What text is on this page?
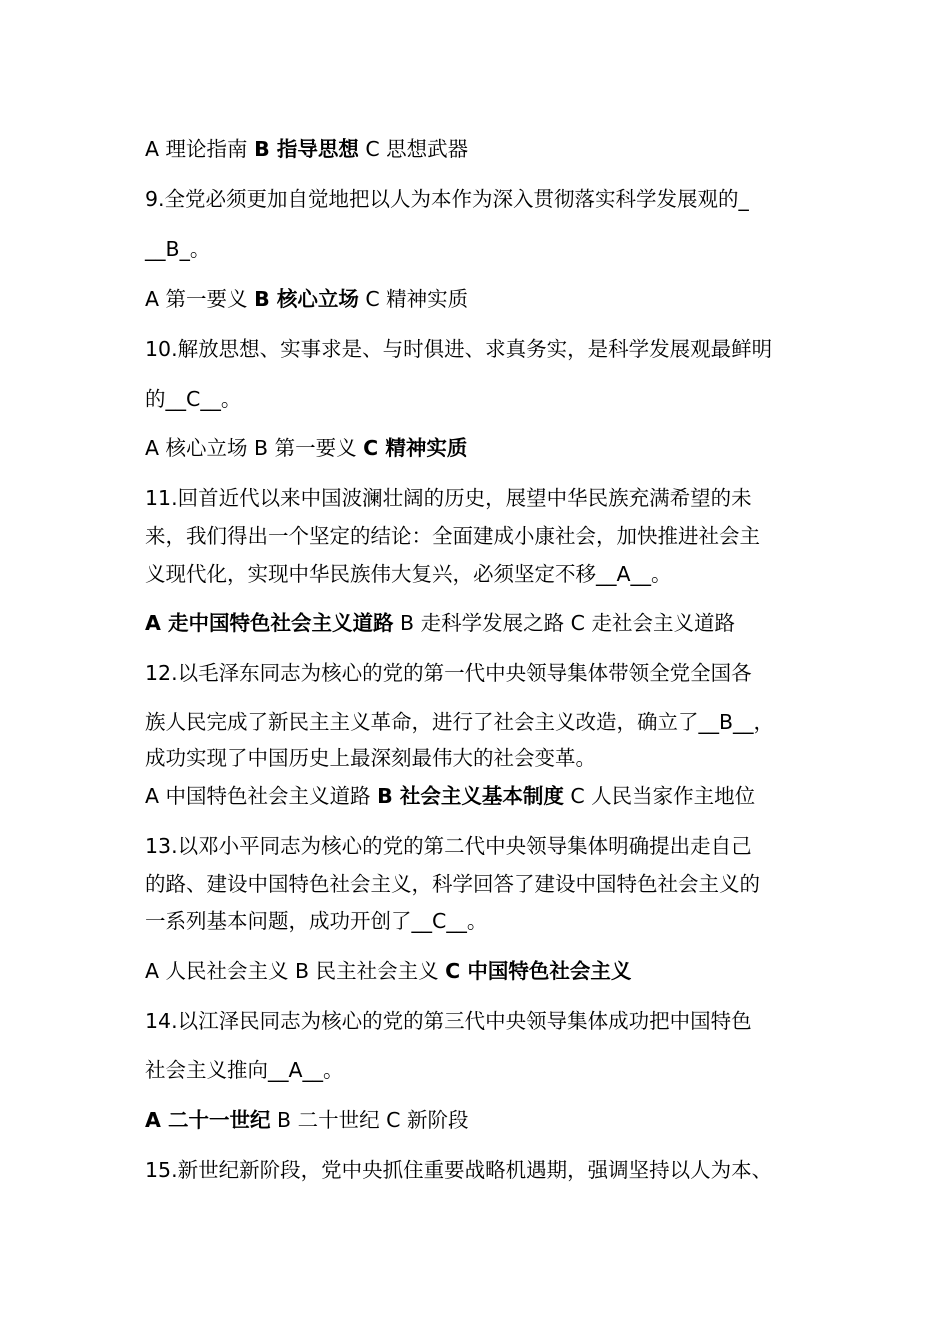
A 理论指南 B 指导思想 C 思想武器
9.全党必须更加自觉地把以人为本作为深入贯彻落实科学发展观的_
__B_。
A 第一要义 B 核心立场 C 精神实质
10.解放思想、实事求是、与时俱进、求真务实，是科学发展观最鲜明
的__C__。
A 核心立场 B 第一要义 C 精神实质
11.回首近代以来中国波澜壮阔的历史，展望中华民族充满希望的未
来，我们得出一个坚定的结论：全面建成小康社会，加快推进社会主
义现代化，实现中华民族伟大复兴，必须坚定不移__A__。
A 走中国特色社会主义道路 B 走科学发展之路 C 走社会主义道路
12.以毛泽东同志为核心的党的第一代中央领导集体带领全党全国各
族人民完成了新民主主义革命，进行了社会主义改造，确立了__B__，
成功实现了中国历史上最深刻最伟大的社会变革。
A 中国特色社会主义道路 B 社会主义基本制度 C 人民当家作主地位
13.以邓小平同志为核心的党的第二代中央领导集体明确提出走自己
的路、建设中国特色社会主义，科学回答了建设中国特色社会主义的
一系列基本问题，成功开创了__C__。
A 人民社会主义 B 民主社会主义 C 中国特色社会主义
14.以江泽民同志为核心的党的第三代中央领导集体成功把中国特色
社会主义推向__A__。
A 二十一世纪 B 二十世纪 C 新阶段
15.新世纪新阶段，党中央抓住重要战略机遇期，强调坚持以人为本、
